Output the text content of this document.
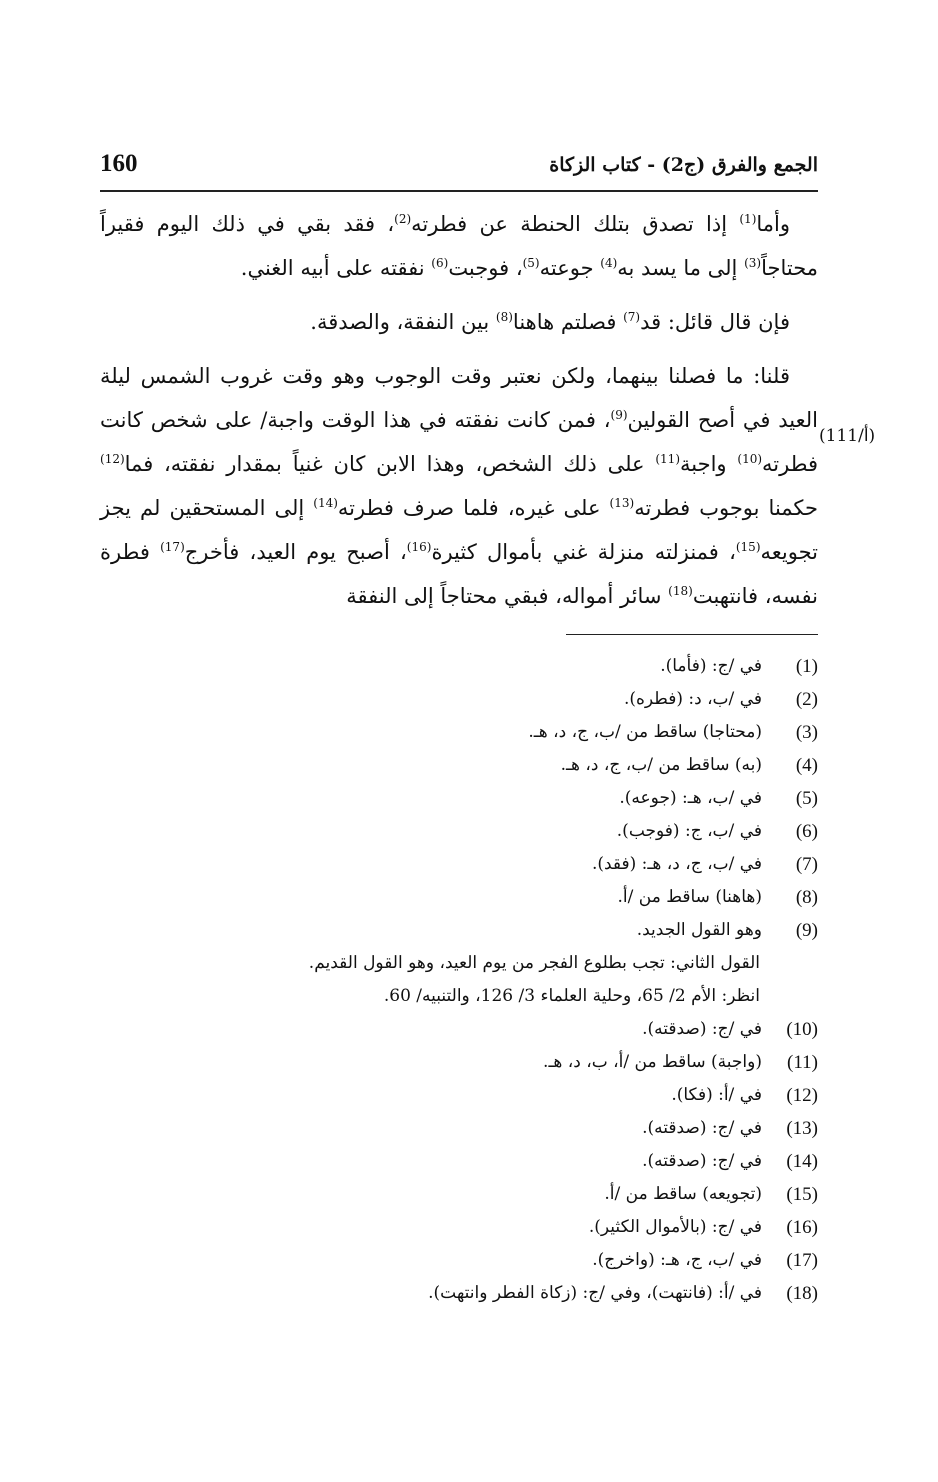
160	الجمع والفرق (ج2) - كتاب الزكاة

وأما$^{(1)}$ إذا تصدق بتلك الحنطة عن فطرته$^{(2)}$، فقد بقي في ذلك اليوم فقيراً محتاجاً$^{(3)}$ إلى ما يسد به$^{(4)}$ جوعته$^{(5)}$، فوجبت$^{(6)}$ نفقته على أبيه الغني.

فإن قال قائل: قد$^{(7)}$ فصلتم هاهنا$^{(8)}$ بين النفقة، والصدقة.

قلنا: ما فصلنا بينهما، ولكن نعتبر وقت الوجوب وهو وقت غروب الشمس ليلة العيد في أصح القولين$^{(9)}$، فمن كانت نفقته في هذا الوقت واجبة/ على شخص كانت فطرته$^{(10)}$ واجبة$^{(11)}$ على ذلك الشخص، وهذا الابن كان غنياً بمقدار نفقته، فما$^{(12)}$ حكمنا بوجوب فطرته$^{(13)}$ على غيره، فلما صرف فطرته$^{(14)}$ إلى المستحقين لم يجز تجويعه$^{(15)}$، فمنزلته منزلة غني بأموال كثيرة$^{(16)}$، أصبح يوم العيد، فأخرج$^{(17)}$ فطرة نفسه، فانتهبت$^{(18)}$ سائر أمواله، فبقي محتاجاً إلى النفقة

(111/أ)
(1)
في /ج: (فأما).
(2)
في /ب، د: (فطره).
(3)
(محتاجا) ساقط من /ب، ج، د، هـ.
(4)
(به) ساقط من /ب، ج، د، هـ.
(5)
في /ب، هـ: (جوعه).
(6)
في /ب، ج: (فوجب).
(7)
في /ب، ج، د، هـ: (فقد).
(8)
(هاهنا) ساقط من /أ.
(9)
وهو القول الجديد.
القول الثاني: تجب بطلوع الفجر من يوم العيد، وهو القول القديم.
انظر: الأم 2/ 65، وحلية العلماء 3/ 126، والتنبيه/ 60.
(10)
في /ج: (صدقته).
(11)
(واجبة) ساقط من /أ، ب، د، هـ.
(12)
في /أ: (فكا).
(13)
في /ج: (صدقته).
(14)
في /ج: (صدقته).
(15)
(تجويعه) ساقط من /أ.
(16)
في /ج: (بالأموال الكثير).
(17)
في /ب، ج، هـ: (واخرج).
(18)
في /أ: (فانتهت)، وفي /ج: (زكاة الفطر وانتهت).
